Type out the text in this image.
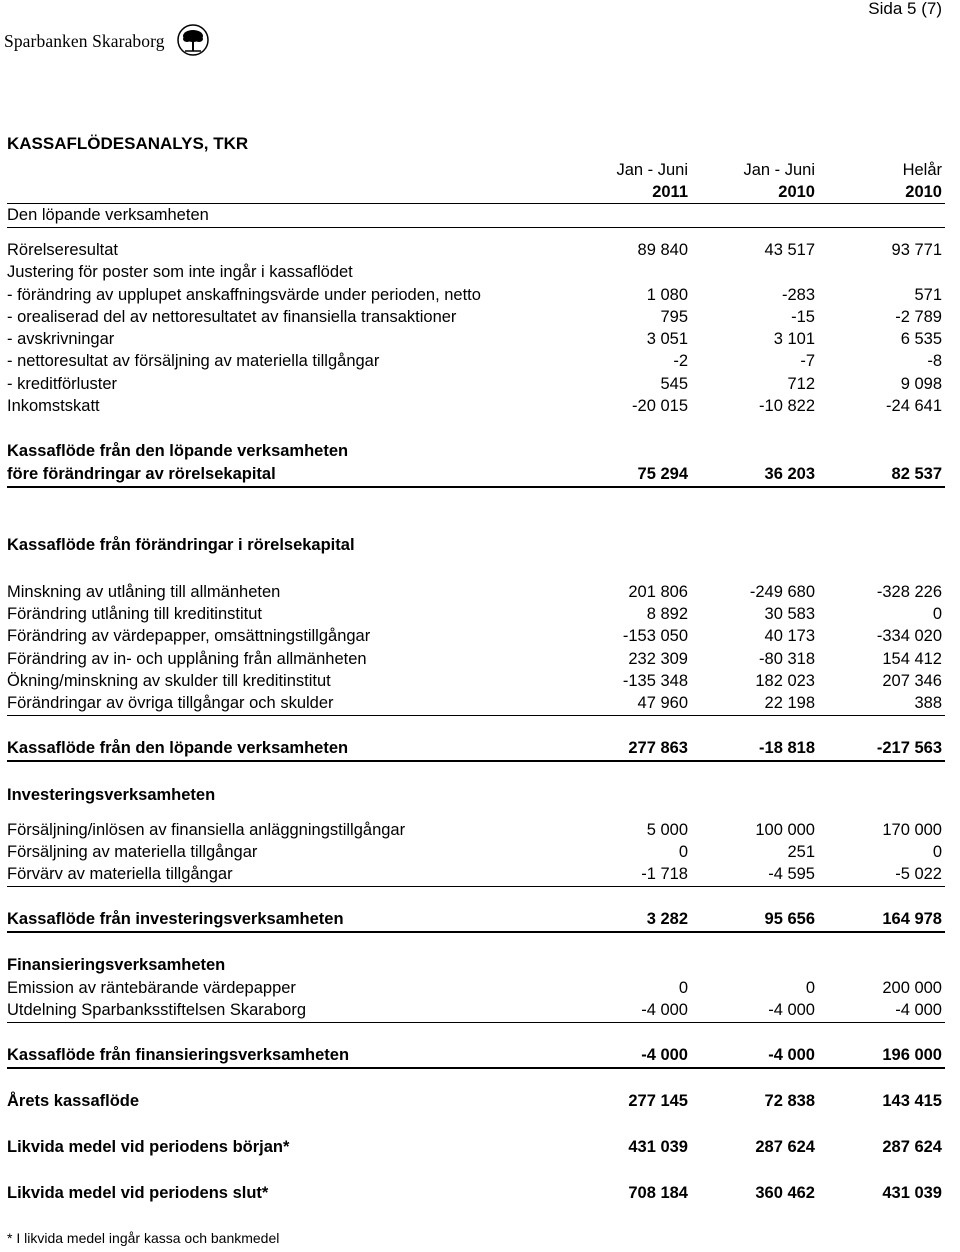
Sida 5 (7)
Sparbanken Skaraborg
KASSAFLÖDESANALYS, TKR
Jan - Juni	Jan - Juni	Helår
2011	2010	2010
Den löpande verksamheten
Rörelseresultat	89 840	43 517	93 771
Justering för poster som inte ingår i kassaflödet
- förändring av upplupet anskaffningsvärde under perioden, netto	1 080	-283	571
- orealiserad del av nettoresultatet av finansiella transaktioner	795	-15	-2 789
- avskrivningar	3 051	3 101	6 535
- nettoresultat av försäljning av materiella tillgångar	-2	-7	-8
- kreditförluster	545	712	9 098
Inkomstskatt	-20 015	-10 822	-24 641
Kassaflöde från den löpande verksamheten
före förändringar av rörelsekapital	75 294	36 203	82 537
Kassaflöde från förändringar i rörelsekapital
Minskning av utlåning till allmänheten	201 806	-249 680	-328 226
Förändring utlåning till kreditinstitut	8 892	30 583	0
Förändring av värdepapper, omsättningstillgångar	-153 050	40 173	-334 020
Förändring av in- och upplåning från allmänheten	232 309	-80 318	154 412
Ökning/minskning av skulder till kreditinstitut	-135 348	182 023	207 346
Förändringar av övriga tillgångar och skulder	47 960	22 198	388
Kassaflöde från den löpande verksamheten	277 863	-18 818	-217 563
Investeringsverksamheten
Försäljning/inlösen av finansiella anläggningstillgångar	5 000	100 000	170 000
Försäljning av materiella tillgångar	0	251	0
Förvärv av materiella tillgångar	-1 718	-4 595	-5 022
Kassaflöde från investeringsverksamheten	3 282	95 656	164 978
Finansieringsverksamheten
Emission av räntebärande värdepapper	0	0	200 000
Utdelning Sparbanksstiftelsen Skaraborg	-4 000	-4 000	-4 000
Kassaflöde från finansieringsverksamheten	-4 000	-4 000	196 000
Årets kassaflöde	277 145	72 838	143 415
Likvida medel vid periodens början*	431 039	287 624	287 624
Likvida medel vid periodens slut*	708 184	360 462	431 039
* I likvida medel ingår kassa och bankmedel
